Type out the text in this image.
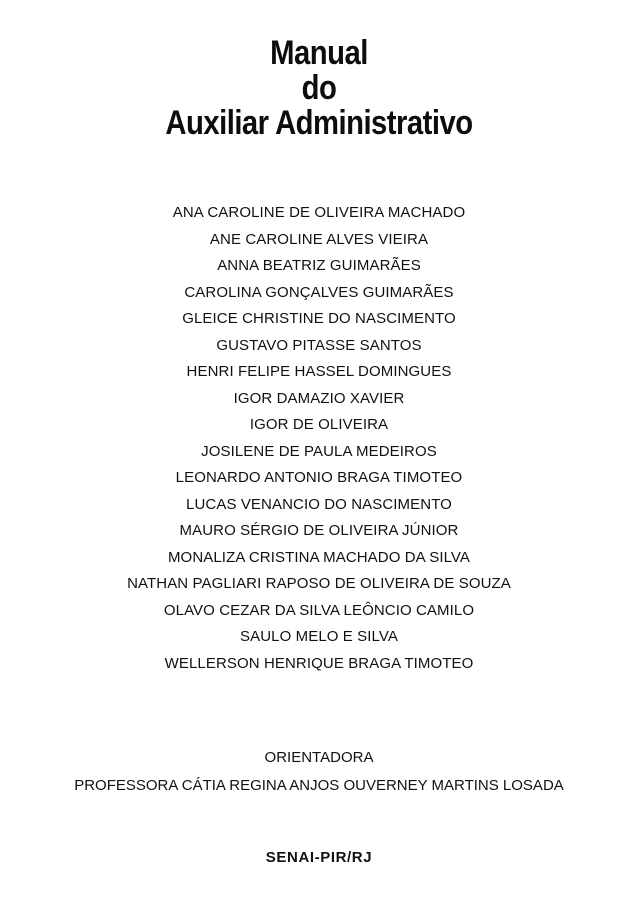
Manual
do
Auxiliar Administrativo
ANA CAROLINE DE OLIVEIRA MACHADO
ANE CAROLINE ALVES VIEIRA
ANNA BEATRIZ GUIMARÃES
CAROLINA GONÇALVES GUIMARÃES
GLEICE CHRISTINE DO NASCIMENTO
GUSTAVO PITASSE SANTOS
HENRI FELIPE HASSEL DOMINGUES
IGOR DAMAZIO XAVIER
IGOR DE OLIVEIRA
JOSILENE DE PAULA MEDEIROS
LEONARDO ANTONIO BRAGA TIMOTEO
LUCAS VENANCIO DO NASCIMENTO
MAURO SÉRGIO DE OLIVEIRA JÚNIOR
MONALIZA CRISTINA MACHADO DA SILVA
NATHAN PAGLIARI RAPOSO DE OLIVEIRA DE SOUZA
OLAVO CEZAR DA SILVA LEÔNCIO CAMILO
SAULO MELO E SILVA
WELLERSON HENRIQUE BRAGA TIMOTEO
ORIENTADORA
PROFESSORA CÁTIA REGINA ANJOS OUVERNEY MARTINS LOSADA
SENAI-PIR/RJ
